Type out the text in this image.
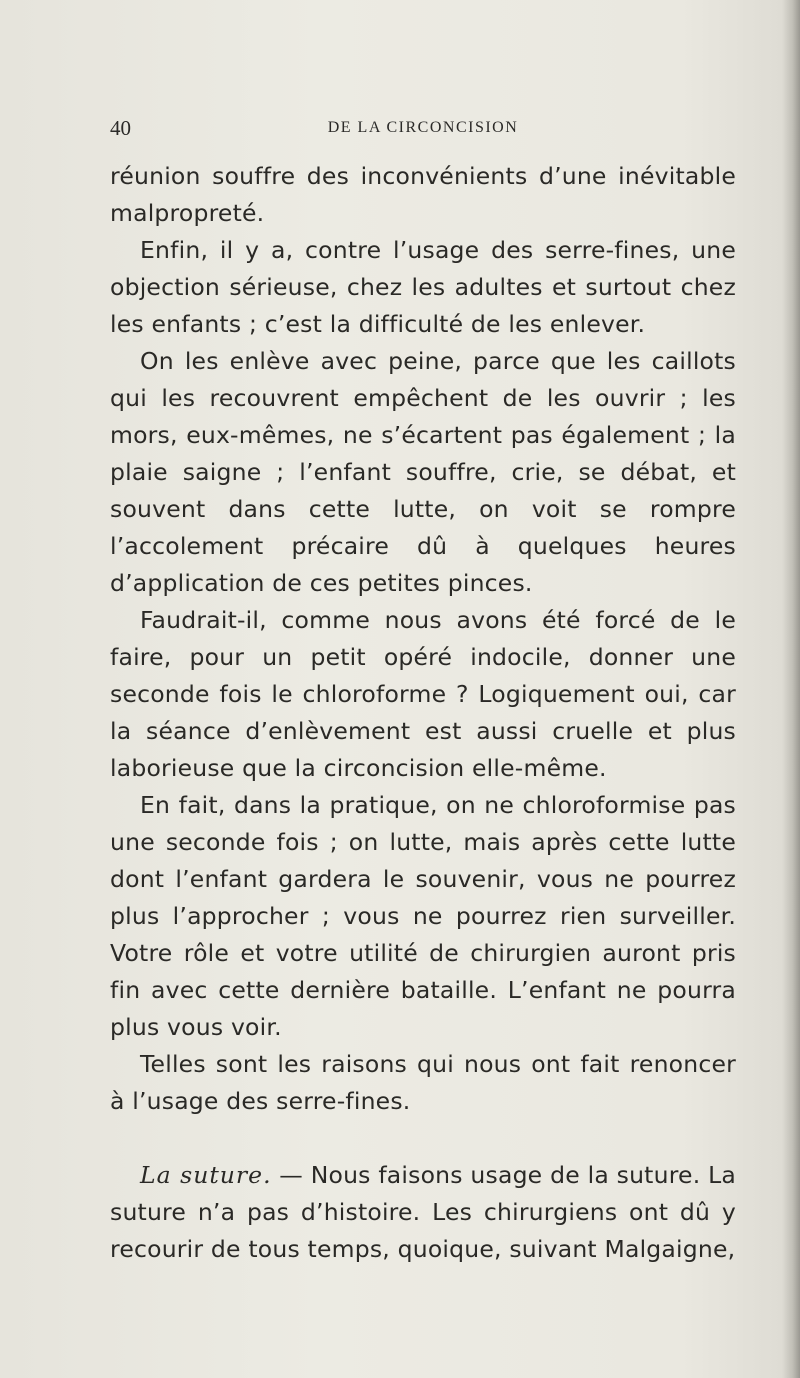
40	DE LA CIRCONCISION

réunion souffre des inconvénients d’une inévitable malpropreté.

Enfin, il y a, contre l’usage des serre-fines, une objection sérieuse, chez les adultes et surtout chez les enfants ; c’est la difficulté de les enlever.

On les enlève avec peine, parce que les caillots qui les recouvrent empêchent de les ouvrir ; les mors, eux-mêmes, ne s’écartent pas également ; la plaie saigne ; l’enfant souffre, crie, se débat, et souvent dans cette lutte, on voit se rompre l’accolement précaire dû à quelques heures d’application de ces petites pinces.

Faudrait-il, comme nous avons été forcé de le faire, pour un petit opéré indocile, donner une seconde fois le chloroforme ? Logiquement oui, car la séance d’enlèvement est aussi cruelle et plus laborieuse que la circoncision elle-même.

En fait, dans la pratique, on ne chloroformise pas une seconde fois ; on lutte, mais après cette lutte dont l’enfant gardera le souvenir, vous ne pourrez plus l’approcher ; vous ne pourrez rien surveiller. Votre rôle et votre utilité de chirurgien auront pris fin avec cette dernière bataille. L’enfant ne pourra plus vous voir.

Telles sont les raisons qui nous ont fait renoncer à l’usage des serre-fines.

La suture. — Nous faisons usage de la suture. La suture n’a pas d’histoire. Les chirurgiens ont dû y recourir de tous temps, quoique, suivant Malgaigne,
